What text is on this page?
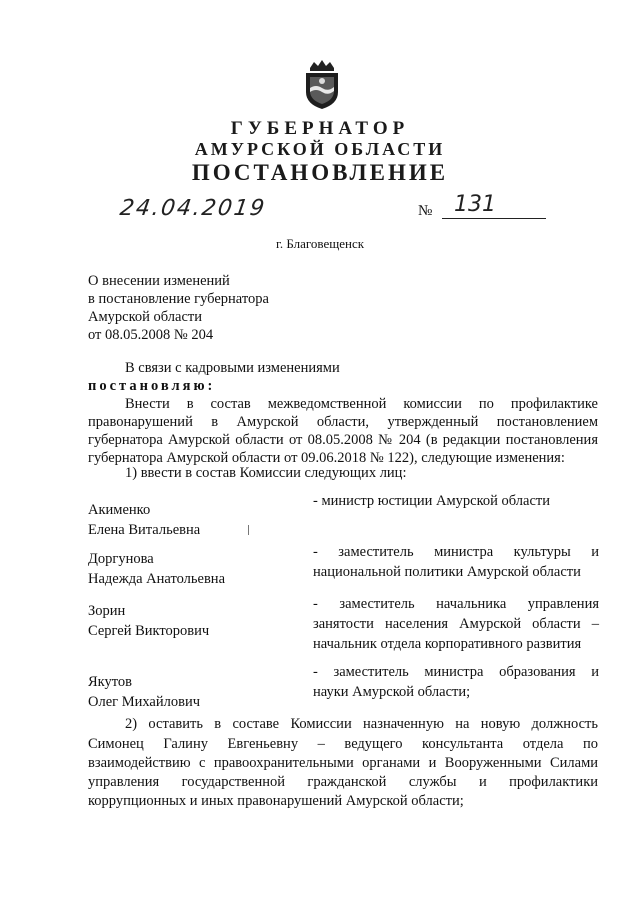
ГУБЕРНАТОР
АМУРСКОЙ ОБЛАСТИ
ПОСТАНОВЛЕНИЕ
24.04.2019	№ 131
г. Благовещенск
О внесении изменений
в постановление губернатора
Амурской области
от 08.05.2008 № 204
В связи с кадровыми изменениями
постановляю:
Внести в состав межведомственной комиссии по профилактике
правонарушений в Амурской области, утвержденный постановлением
губернатора Амурской области от 08.05.2008 № 204 (в редакции постановления
губернатора Амурской области от 09.06.2018 № 122), следующие изменения:
1) ввести в состав Комиссии следующих лиц:
Акименко
Елена Витальевна
- министр юстиции Амурской области
Доргунова
Надежда Анатольевна
- заместитель министра культуры и
национальной политики Амурской области
Зорин
Сергей Викторович
- заместитель начальника управления
занятости населения Амурской области –
начальник отдела корпоративного развития
Якутов
Олег Михайлович
- заместитель министра образования и
науки Амурской области;
2) оставить в составе Комиссии назначенную на новую должность
Симонец Галину Евгеньевну – ведущего консультанта отдела по
взаимодействию с правоохранительными органами и Вооруженными Силами
управления государственной гражданской службы и профилактики
коррупционных и иных правонарушений Амурской области;
